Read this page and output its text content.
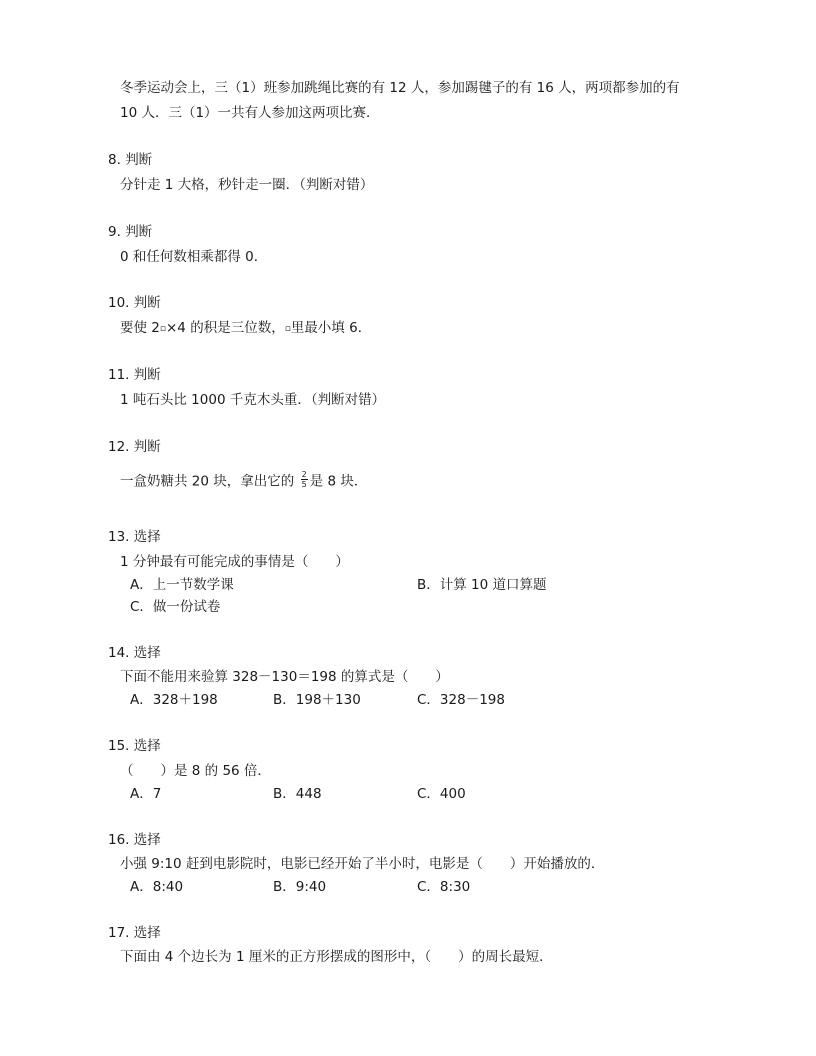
冬季运动会上，三（1）班参加跳绳比赛的有 12 人，参加踢毽子的有 16 人，两项都参加的有
10 人．三（1）一共有人参加这两项比赛．
8. 判断
分针走 1 大格，秒针走一圈．（判断对错）
9. 判断
0 和任何数相乘都得 0．
10. 判断
要使 2▫×4 的积是三位数，▫里最小填 6．
11. 判断
1 吨石头比 1000 千克木头重．（判断对错）
12. 判断
一盒奶糖共 20 块，拿出它的 $\frac{2}{5}$ 是 8 块．
13. 选择
1 分钟最有可能完成的事情是（　　）
A．上一节数学课	B．计算 10 道口算题
C．做一份试卷
14. 选择
下面不能用来验算 328－130＝198 的算式是（　　）
A．328＋198	B．198＋130	C．328－198
15. 选择
（　　）是 8 的 56 倍．
A．7	B．448	C．400
16. 选择
小强 9:10 赶到电影院时，电影已经开始了半小时，电影是（　　）开始播放的．
A．8:40	B．9:40	C．8:30
17. 选择
下面由 4 个边长为 1 厘米的正方形摆成的图形中，（　　）的周长最短．
